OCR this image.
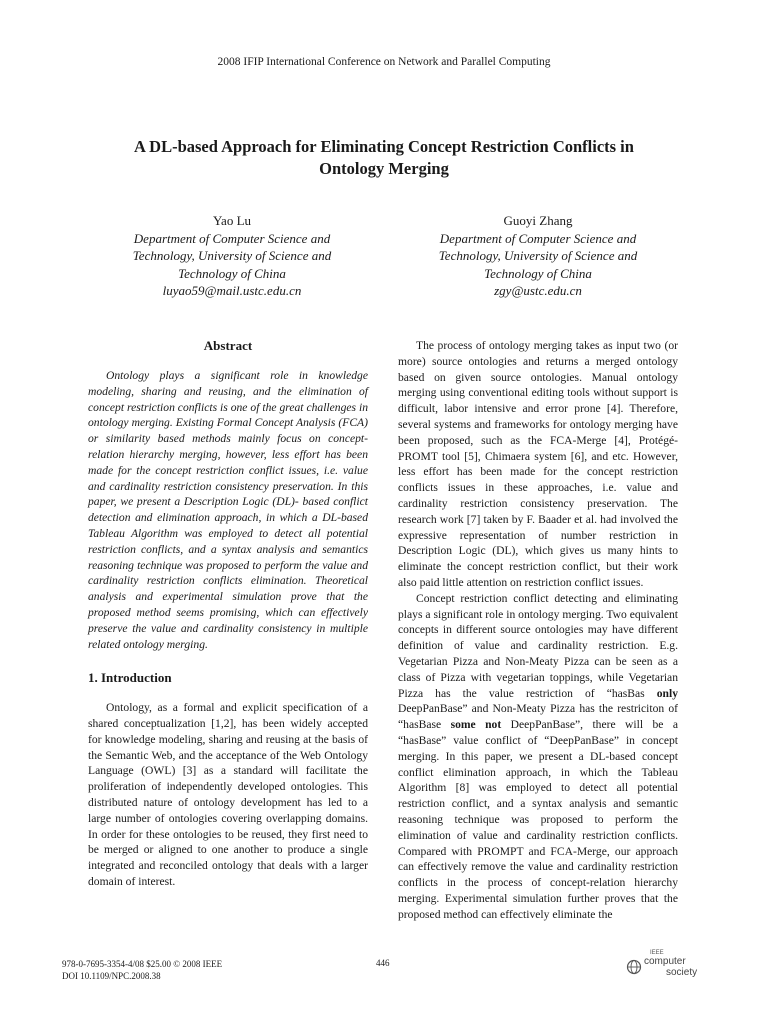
2008 IFIP International Conference on Network and Parallel Computing
A DL-based Approach for Eliminating Concept Restriction Conflicts in
Ontology Merging
Yao Lu
Department of Computer Science and
Technology, University of Science and
Technology of China
luyao59@mail.ustc.edu.cn
Guoyi Zhang
Department of Computer Science and
Technology, University of Science and
Technology of China
zgy@ustc.edu.cn
Abstract

Ontology plays a significant role in knowledge modeling, sharing and reusing, and the elimination of concept restriction conflicts is one of the great challenges in ontology merging. Existing Formal Concept Analysis (FCA) or similarity based methods mainly focus on concept-relation hierarchy merging, however, less effort has been made for the concept restriction conflict issues, i.e. value and cardinality restriction consistency preservation. In this paper, we present a Description Logic (DL)- based conflict detection and elimination approach, in which a DL-based Tableau Algorithm was employed to detect all potential restriction conflicts, and a syntax analysis and semantics reasoning technique was proposed to perform the value and cardinality restriction conflicts elimination. Theoretical analysis and experimental simulation prove that the proposed method seems promising, which can effectively preserve the value and cardinality consistency in multiple related ontology merging.

1. Introduction

Ontology, as a formal and explicit specification of a shared conceptualization [1,2], has been widely accepted for knowledge modeling, sharing and reusing at the basis of the Semantic Web, and the acceptance of the Web Ontology Language (OWL) [3] as a standard will facilitate the proliferation of independently developed ontologies. This distributed nature of ontology development has led to a large number of ontologies covering overlapping domains. In order for these ontologies to be reused, they first need to be merged or aligned to one another to produce a single integrated and reconciled ontology that deals with a larger domain of interest.

The process of ontology merging takes as input two (or more) source ontologies and returns a merged ontology based on given source ontologies. Manual ontology merging using conventional editing tools without support is difficult, labor intensive and error prone [4]. Therefore, several systems and frameworks for ontology merging have been proposed, such as the FCA-Merge [4], Protégé-PROMT tool [5], Chimaera system [6], and etc. However, less effort has been made for the concept restriction conflicts issues in these approaches, i.e. value and cardinality restriction consistency preservation. The research work [7] taken by F. Baader et al. had involved the expressive representation of number restriction in Description Logic (DL), which gives us many hints to eliminate the concept restriction conflict, but their work also paid little attention on restriction conflict issues.

Concept restriction conflict detecting and eliminating plays a significant role in ontology merging. Two equivalent concepts in different source ontologies may have different definition of value and cardinality restriction. E.g. Vegetarian Pizza and Non-Meaty Pizza can be seen as a class of Pizza with vegetarian toppings, while Vegetarian Pizza has the value restriction of “hasBas only DeepPanBase” and Non-Meaty Pizza has the restriciton of “hasBase some not DeepPanBase”, there will be a “hasBase” value conflict of “DeepPanBase” in concept merging. In this paper, we present a DL-based concept conflict elimination approach, in which the Tableau Algorithm [8] was employed to detect all potential restriction conflict, and a syntax analysis and semantic reasoning technique was proposed to perform the elimination of value and cardinality restriction conflicts. Compared with PROMPT and FCA-Merge, our approach can effectively remove the value and cardinality restriction conflicts in the process of concept-relation hierarchy merging. Experimental simulation further proves that the proposed method can effectively eliminate the

978-0-7695-3354-4/08 $25.00 © 2008 IEEE
DOI 10.1109/NPC.2008.38
446
IEEE
computer
society
